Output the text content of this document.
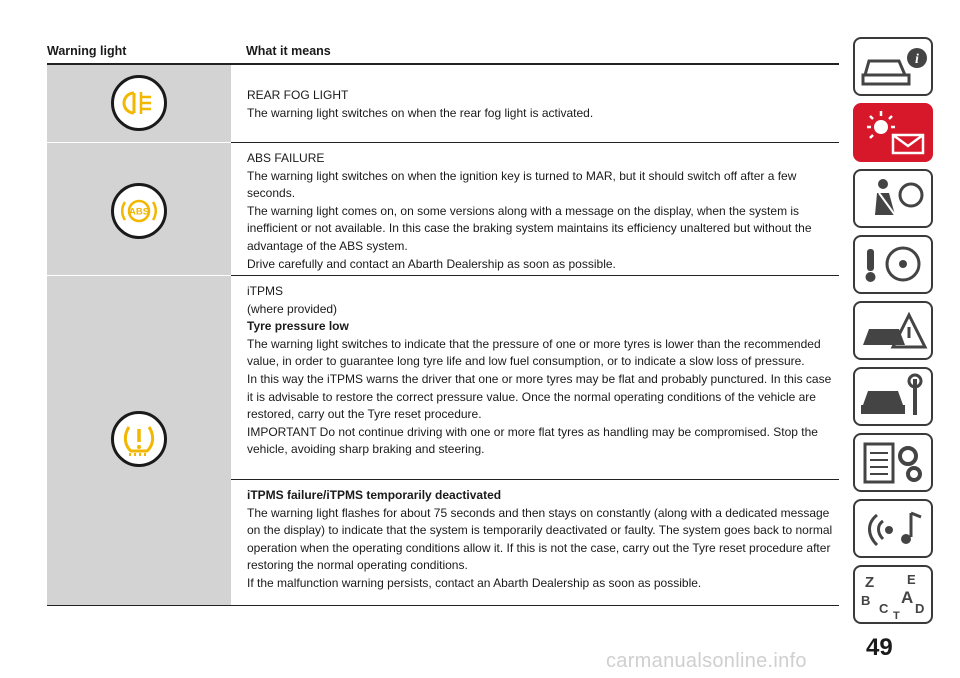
Warning light	What it means
ABS

REAR FOG LIGHT

The warning light switches on when the rear fog light is activated.

ABS FAILURE

The warning light switches on when the ignition key is turned to MAR, but it should switch off after a few seconds.

The warning light comes on, on some versions along with a message on the display, when the system is inefficient or not available. In this case the braking system maintains its efficiency unaltered but without the advantage of the ABS system.

Drive carefully and contact an Abarth Dealership as soon as possible.

iTPMS

(where provided)

Tyre pressure low

The warning light switches to indicate that the pressure of one or more tyres is lower than the recommended value, in order to guarantee long tyre life and low fuel consumption, or to indicate a slow loss of pressure.

In this way the iTPMS warns the driver that one or more tyres may be flat and probably punctured. In this case it is advisable to restore the correct pressure value. Once the normal operating conditions of the vehicle are restored, carry out the Tyre reset procedure.

IMPORTANT Do not continue driving with one or more flat tyres as handling may be compromised. Stop the vehicle, avoiding sharp braking and steering.

iTPMS failure/iTPMS temporarily deactivated

The warning light flashes for about 75 seconds and then stays on constantly (along with a dedicated message on the display) to indicate that the system is temporarily deactivated or faulty. The system goes back to normal operation when the operating conditions allow it. If this is not the case, carry out the Tyre reset procedure after restoring the normal operating conditions.

If the malfunction warning persists, contact an Abarth Dealership as soon as possible.

i
Z	E
B A
C D
T
49
carmanualsonline.info
